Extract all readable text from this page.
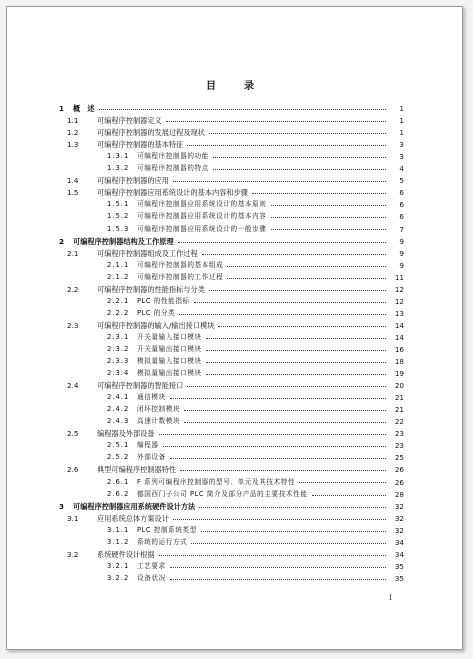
目　录
1 概　述	1
1.1	可编程序控制器定义	1
1.2	可编程序控制器的发展过程及现状	1
1.3	可编程序控制器的基本特征	3
1.3.1 可编程序控制器的功能	3
1.3.2 可编程序控制器的特点	4
1.4	可编程序控制器的应用	5
1.5	可编程序控制器应用系统设计的基本内容和步骤	6
1.5.1 可编程序控制器应用系统设计的基本原则	6
1.5.2 可编程序控制器应用系统设计的基本内容	6
1.5.3 可编程序控制器应用系统设计的一般步骤	7
2 可编程序控制器结构及工作原理	9
2.1	可编程序控制器组成及工作过程	9
2.1.1 可编程序控制器的基本组成	9
2.1.2 可编程序控制器的工作过程	11
2.2	可编程序控制器的性能指标与分类	12
2.2.1 PLC 的性能指标	12
2.2.2 PLC 的分类	13
2.3	可编程序控制器的输入/输出接口模块	14
2.3.1 开关量输入接口模块	14
2.3.2 开关量输出接口模块	16
2.3.3 模拟量输入接口模块	18
2.3.4 模拟量输出接口模块	19
2.4	可编程序控制器的智能接口	20
2.4.1 通信模块	21
2.4.2 闭环控制模块	21
2.4.3 高速计数模块	22
2.5	编程器及外部设备	23
2.5.1 编程器	23
2.5.2 外部设备	25
2.6	典型可编程序控制器特性	26
2.6.1 F 系列可编程序控制器的型号、单元及其技术特性	26
2.6.2 德国西门子公司 PLC 简介及部分产品的主要技术性能	28
3 可编程序控制器应用系统硬件设计方法	32
3.1	应用系统总体方案设计	32
3.1.1 PLC 控制系统类型	32
3.1.2 系统的运行方式	34
3.2	系统硬件设计根据	34
3.2.1 工艺要求	35
3.2.2 设备状况	35
I
